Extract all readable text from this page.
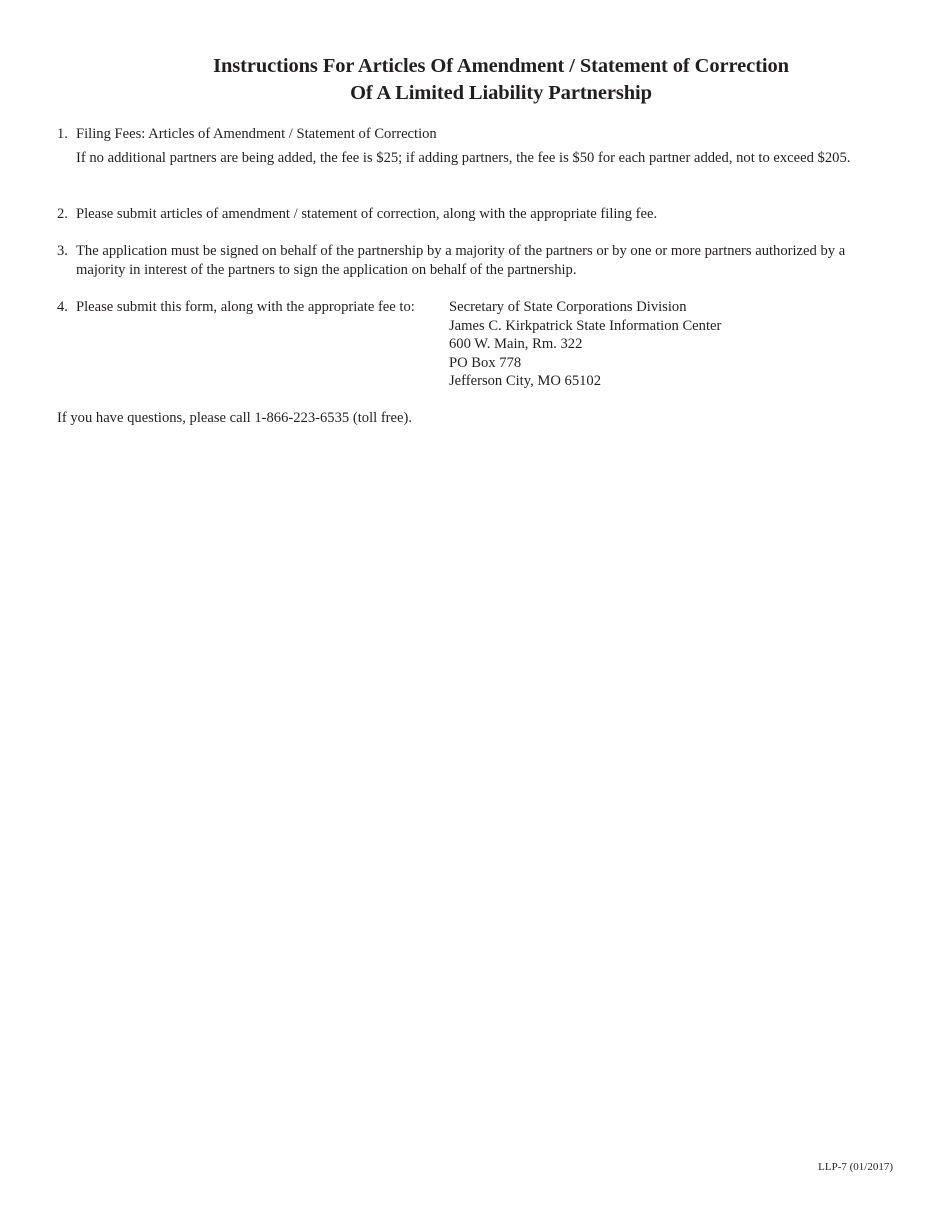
Instructions For Articles Of Amendment / Statement of Correction
Of A Limited Liability Partnership
1. Filing Fees: Articles of Amendment / Statement of Correction
If no additional partners are being added, the fee is $25; if adding partners, the fee is $50 for each partner added, not to exceed $205.
2. Please submit articles of amendment / statement of correction, along with the appropriate filing fee.
3. The application must be signed on behalf of the partnership by a majority of the partners or by one or more partners authorized by a majority in interest of the partners to sign the application on behalf of the partnership.
4. Please submit this form, along with the appropriate fee to:	Secretary of State Corporations Division
James C. Kirkpatrick State Information Center
600 W. Main, Rm. 322
PO Box 778
Jefferson City, MO 65102
If you have questions, please call 1-866-223-6535 (toll free).
LLP-7 (01/2017)
